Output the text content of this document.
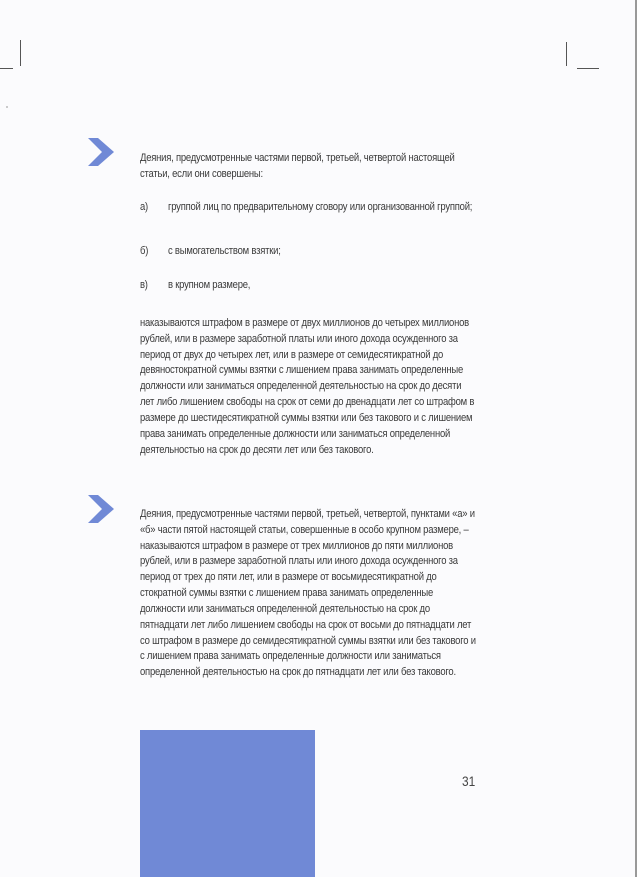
Деяния, предусмотренные частями первой, третьей, четвертой настоящей статьи, если они совершены:

а) группой лиц по предварительному сговору или организованной группой;
б) с вымогательством взятки;
в) в крупном размере,

наказываются штрафом в размере от двух миллионов до четырех миллионов рублей, или в размере заработной платы или иного дохода осужденного за период от двух до четырех лет, или в размере от семидесятикратной до девяностократной суммы взятки с лишением права занимать определенные должности или заниматься определенной деятельностью на срок до десяти лет либо лишением свободы на срок от семи до двенадцати лет со штрафом в размере до шестидесятикратной суммы взятки или без такового и с лишением права занимать определенные должности или заниматься определенной деятельностью на срок до десяти лет или без такового.

Деяния, предусмотренные частями первой, третьей, четвертой, пунктами «а» и «б» части пятой настоящей статьи, совершенные в особо крупном размере, – наказываются штрафом в размере от трех миллионов до пяти миллионов рублей, или в размере заработной платы или иного дохода осужденного за период от трех до пяти лет, или в размере от восьмидесятикратной до стократной суммы взятки с лишением права занимать определенные должности или заниматься определенной деятельностью на срок до пятнадцати лет либо лишением свободы на срок от восьми до пятнадцати лет со штрафом в размере до семидесятикратной суммы взятки или без такового и с лишением права занимать определенные должности или заниматься определенной деятельностью на срок до пятнадцати лет или без такового.

31
